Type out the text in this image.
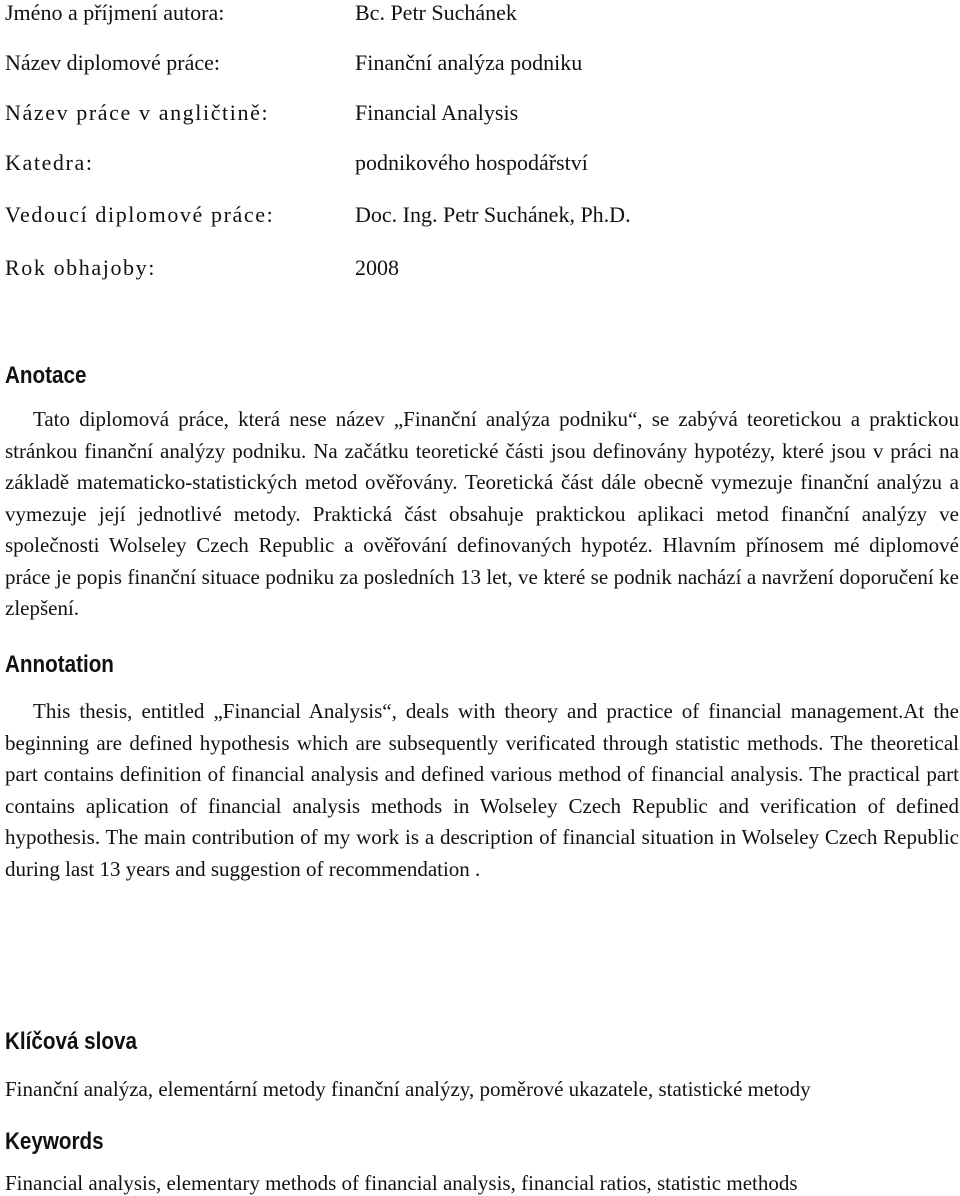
Jméno a příjmení autora:	Bc. Petr Suchánek
Název diplomové práce:	Finanční analýza podniku
Název práce v angličtině:	Financial Analysis
Katedra:	podnikového hospodářství
Vedoucí diplomové práce:	Doc. Ing. Petr Suchánek, Ph.D.
Rok obhajoby:	2008
Anotace

Tato diplomová práce, která nese název „Finanční analýza podniku“, se zabývá teoretickou a praktickou stránkou finanční analýzy podniku. Na začátku teoretické části jsou definovány hypotézy, které jsou v práci na základě matematicko-statistických metod ověřovány. Teoretická část dále obecně vymezuje finanční analýzu a vymezuje její jednotlivé metody. Praktická část obsahuje praktickou aplikaci metod finanční analýzy ve společnosti Wolseley Czech Republic a ověřování definovaných hypotéz. Hlavním přínosem mé diplomové práce je popis finanční situace podniku za posledních 13 let, ve které se podnik nachází a navržení doporučení ke zlepšení.

Annotation

This thesis, entitled „Financial Analysis“, deals with theory and practice of financial management.At the beginning are defined hypothesis which are subsequently verificated through statistic methods. The theoretical part contains definition of financial analysis and defined various method of financial analysis. The practical part contains aplication of financial analysis methods in Wolseley Czech Republic and verification of defined hypothesis. The main contribution of my work is a description of financial situation in Wolseley Czech Republic during last 13 years and suggestion of recommendation .

Klíčová slova

Finanční analýza, elementární metody finanční analýzy, poměrové ukazatele, statistické metody

Keywords

Financial analysis, elementary methods of financial analysis, financial ratios, statistic methods
